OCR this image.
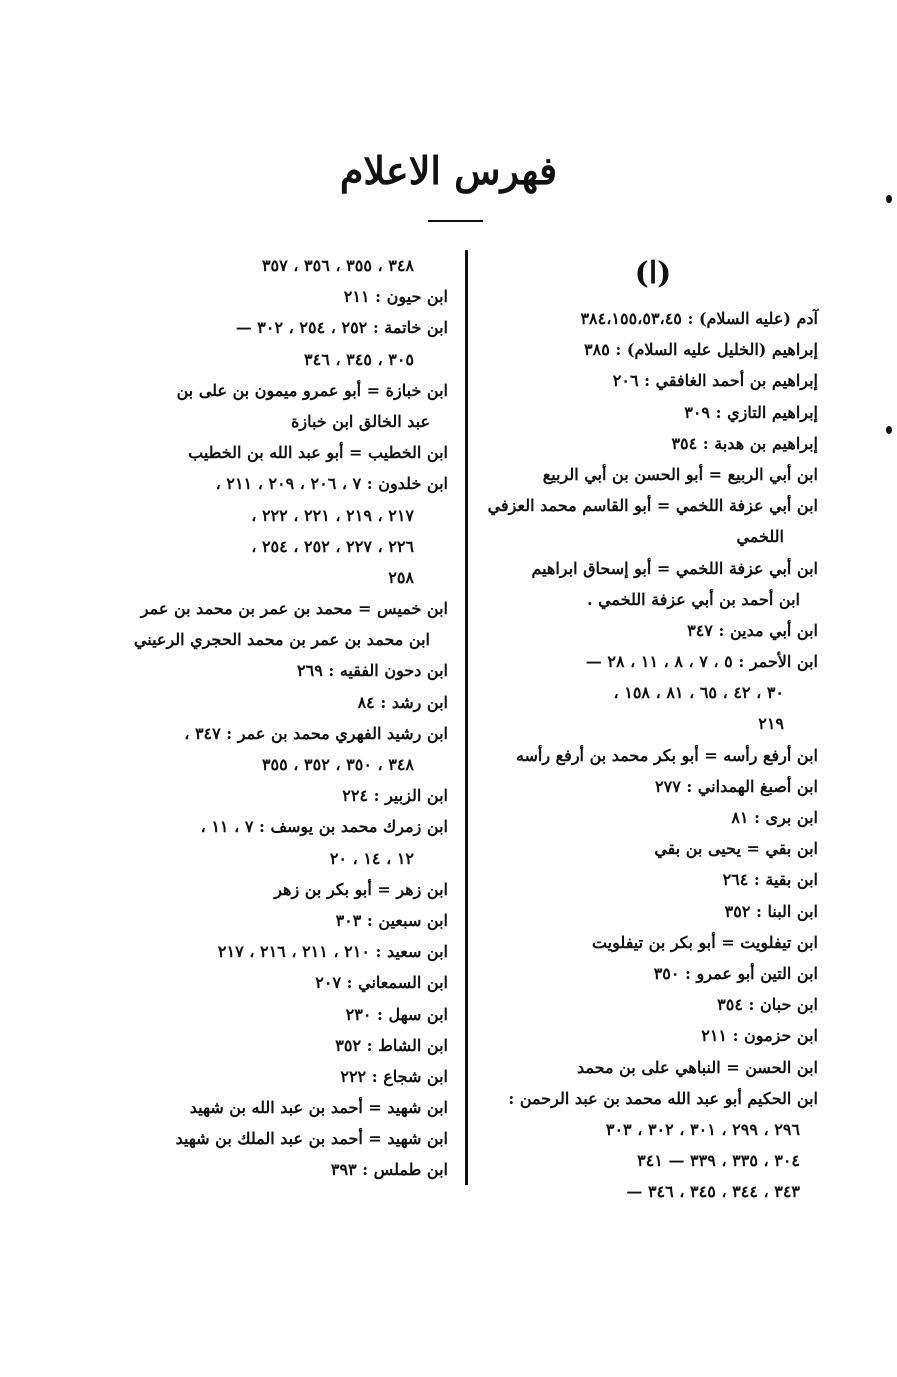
فهرس الاعلام
(ا)
آدم (عليه السلام) : ٣٨٤،١٥٥،٥٣،٤٥
إبراهيم (الخليل عليه السلام) : ٣٨٥
إبراهيم بن أحمد الغافقي : ٢٠٦
إبراهيم التازي : ٣٠٩
إبراهيم بن هدبة : ٣٥٤
ابن أبي الربيع = أبو الحسن بن أبي الربيع
ابن أبي عزفة اللخمي = أبو القاسم محمد العزفي
اللخمي
ابن أبي عزفة اللخمي = أبو إسحاق ابراهيم
ابن أحمد بن أبي عزفة اللخمي .
ابن أبي مدين : ٣٤٧
ابن الأحمر : ٥ ، ٧ ، ٨ ، ١١ ، ٢٨ —
٣٠ ، ٤٢ ، ٦٥ ، ٨١ ، ١٥٨ ،
٢١٩
ابن أرفع رأسه = أبو بكر محمد بن أرفع رأسه
ابن أصبغ الهمداني : ٢٧٧
ابن برى : ٨١
ابن بقي = يحيى بن بقي
ابن بقية : ٢٦٤
ابن البنا : ٣٥٢
ابن تيفلويت = أبو بكر بن تيفلويت
ابن التين أبو عمرو : ٣٥٠
ابن حبان : ٣٥٤
ابن حزمون : ٢١١
ابن الحسن = النباهي على بن محمد
ابن الحكيم أبو عبد الله محمد بن عبد الرحمن :
٢٩٦ ، ٢٩٩ ، ٣٠١ ، ٣٠٢ ، ٣٠٣
٣٠٤ ، ٣٣٥ ، ٣٣٩ — ٣٤١
٣٤٣ ، ٣٤٤ ، ٣٤٥ ، ٣٤٦ —
٣٤٨ ، ٣٥٥ ، ٣٥٦ ، ٣٥٧
ابن حيون : ٢١١
ابن خاتمة : ٢٥٢ ، ٢٥٤ ، ٣٠٢ —
٣٠٥ ، ٣٤٥ ، ٣٤٦
ابن خبازة = أبو عمرو ميمون بن على بن
عبد الخالق ابن خبازة
ابن الخطيب = أبو عبد الله بن الخطيب
ابن خلدون : ٧ ، ٢٠٦ ، ٢٠٩ ، ٢١١ ،
٢١٧ ، ٢١٩ ، ٢٢١ ، ٢٢٢ ،
٢٢٦ ، ٢٢٧ ، ٢٥٢ ، ٢٥٤ ،
٢٥٨
ابن خميس = محمد بن عمر بن محمد بن عمر
ابن محمد بن عمر بن محمد الحجري الرعيني
ابن دحون الفقيه : ٢٦٩
ابن رشد : ٨٤
ابن رشيد الفهري محمد بن عمر : ٣٤٧ ،
٣٤٨ ، ٣٥٠ ، ٣٥٢ ، ٣٥٥
ابن الزبير : ٢٢٤
ابن زمرك محمد بن يوسف : ٧ ، ١١ ،
١٢ ، ١٤ ، ٢٠
ابن زهر = أبو بكر بن زهر
ابن سبعين : ٣٠٣
ابن سعيد : ٢١٠ ، ٢١١ ، ٢١٦ ، ٢١٧
ابن السمعاني : ٢٠٧
ابن سهل : ٢٣٠
ابن الشاط : ٣٥٢
ابن شجاع : ٢٢٢
ابن شهيد = أحمد بن عبد الله بن شهيد
ابن شهيد = أحمد بن عبد الملك بن شهيد
ابن طملس : ٣٩٣
